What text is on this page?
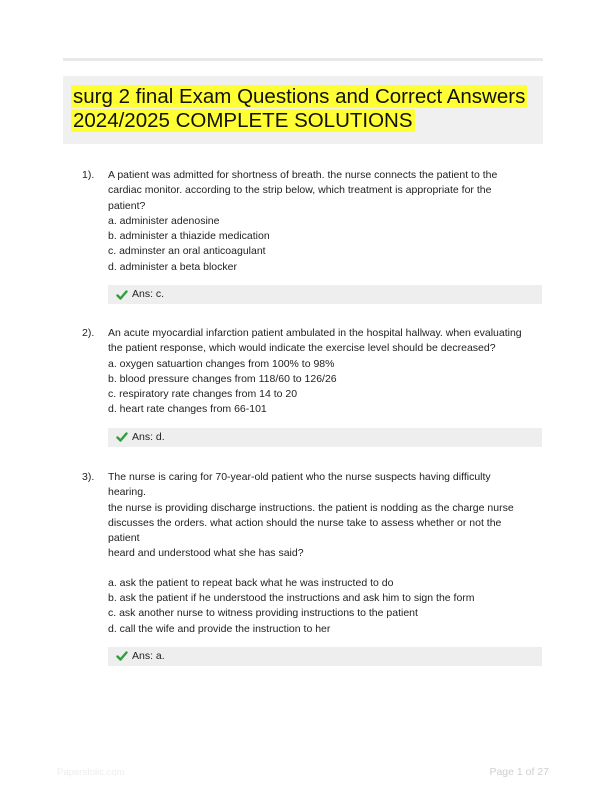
surg 2 final Exam Questions and Correct Answers 2024/2025 COMPLETE SOLUTIONS
1). A patient was admitted for shortness of breath. the nurse connects the patient to the cardiac monitor. according to the strip below, which treatment is appropriate for the patient?
a. administer adenosine
b. administer a thiazide medication
c. adminster an oral anticoagulant
d. administer a beta blocker
Ans: c.
2). An acute myocardial infarction patient ambulated in the hospital hallway. when evaluating the patient response, which would indicate the exercise level should be decreased?
a. oxygen satuartion changes from 100% to 98%
b. blood pressure changes from 118/60 to 126/26
c. respiratory rate changes from 14 to 20
d. heart rate changes from 66-101
Ans: d.
3). The nurse is caring for 70-year-old patient who the nurse suspects having difficulty hearing.
the nurse is providing discharge instructions. the patient is nodding as the charge nurse discusses the orders. what action should the nurse take to assess whether or not the patient
heard and understood what she has said?
a. ask the patient to repeat back what he was instructed to do
b. ask the patient if he understood the instructions and ask him to sign the form
c. ask another nurse to witness providing instructions to the patient
d. call the wife and provide the instruction to her
Ans: a.
Papersfolic.com	Page 1 of 27
